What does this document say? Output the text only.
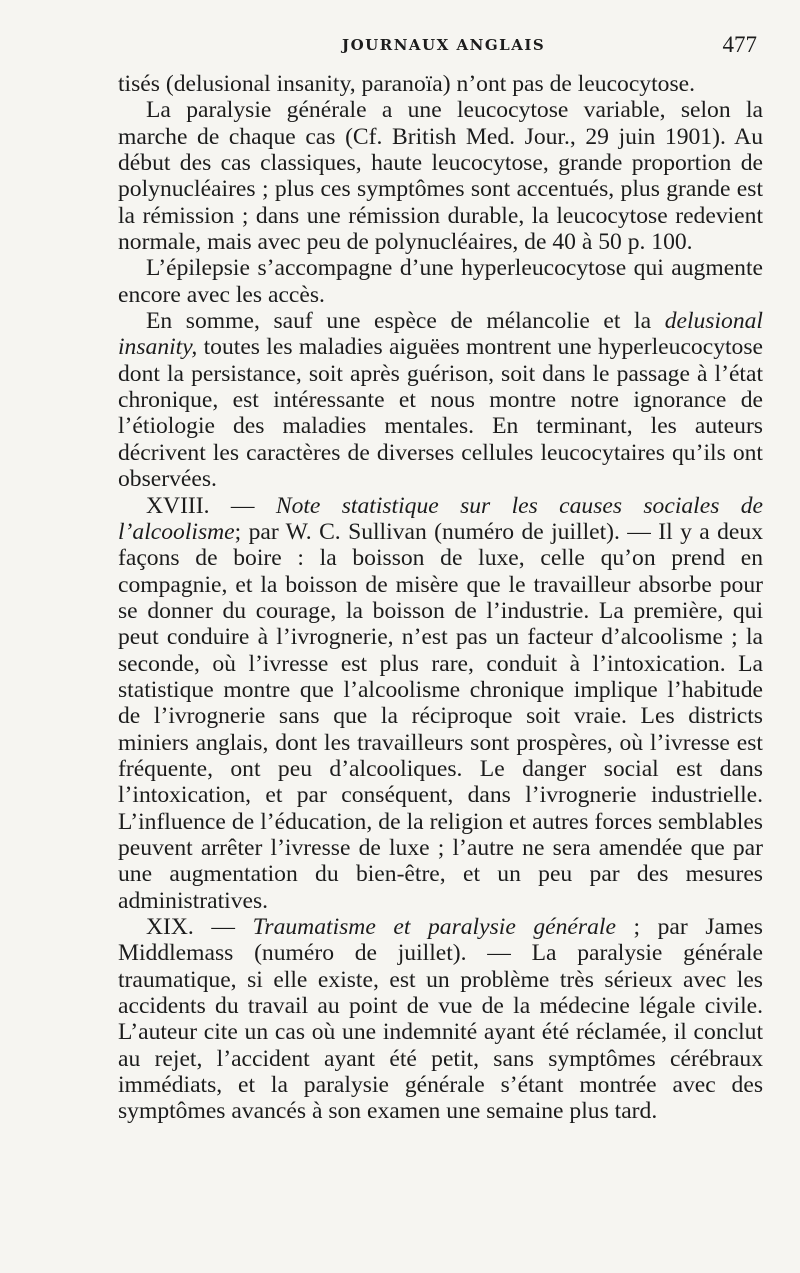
JOURNAUX ANGLAIS	477

tisés (delusional insanity, paranoïa) n’ont pas de leucocytose.

La paralysie générale a une leucocytose variable, selon la marche de chaque cas (Cf. British Med. Jour., 29 juin 1901). Au début des cas classiques, haute leucocytose, grande proportion de polynucléaires ; plus ces symptômes sont accentués, plus grande est la rémission ; dans une rémission durable, la leucocytose redevient normale, mais avec peu de polynucléaires, de 40 à 50 p. 100.

L’épilepsie s’accompagne d’une hyperleucocytose qui augmente encore avec les accès.

En somme, sauf une espèce de mélancolie et la delusional insanity, toutes les maladies aiguëes montrent une hyperleucocytose dont la persistance, soit après guérison, soit dans le passage à l’état chronique, est intéressante et nous montre notre ignorance de l’étiologie des maladies mentales. En terminant, les auteurs décrivent les caractères de diverses cellules leucocytaires qu’ils ont observées.

XVIII. — Note statistique sur les causes sociales de l’alcoolisme; par W. C. Sullivan (numéro de juillet). — Il y a deux façons de boire : la boisson de luxe, celle qu’on prend en compagnie, et la boisson de misère que le travailleur absorbe pour se donner du courage, la boisson de l’industrie. La première, qui peut conduire à l’ivrognerie, n’est pas un facteur d’alcoolisme ; la seconde, où l’ivresse est plus rare, conduit à l’intoxication. La statistique montre que l’alcoolisme chronique implique l’habitude de l’ivrognerie sans que la réciproque soit vraie. Les districts miniers anglais, dont les travailleurs sont prospères, où l’ivresse est fréquente, ont peu d’alcooliques. Le danger social est dans l’intoxication, et par conséquent, dans l’ivrognerie industrielle. L’influence de l’éducation, de la religion et autres forces semblables peuvent arrêter l’ivresse de luxe ; l’autre ne sera amendée que par une augmentation du bien-être, et un peu par des mesures administratives.

XIX. — Traumatisme et paralysie générale ; par James Middlemass (numéro de juillet). — La paralysie générale traumatique, si elle existe, est un problème très sérieux avec les accidents du travail au point de vue de la médecine légale civile. L’auteur cite un cas où une indemnité ayant été réclamée, il conclut au rejet, l’accident ayant été petit, sans symptômes cérébraux immédiats, et la paralysie générale s’étant montrée avec des symptômes avancés à son examen une semaine plus tard.
